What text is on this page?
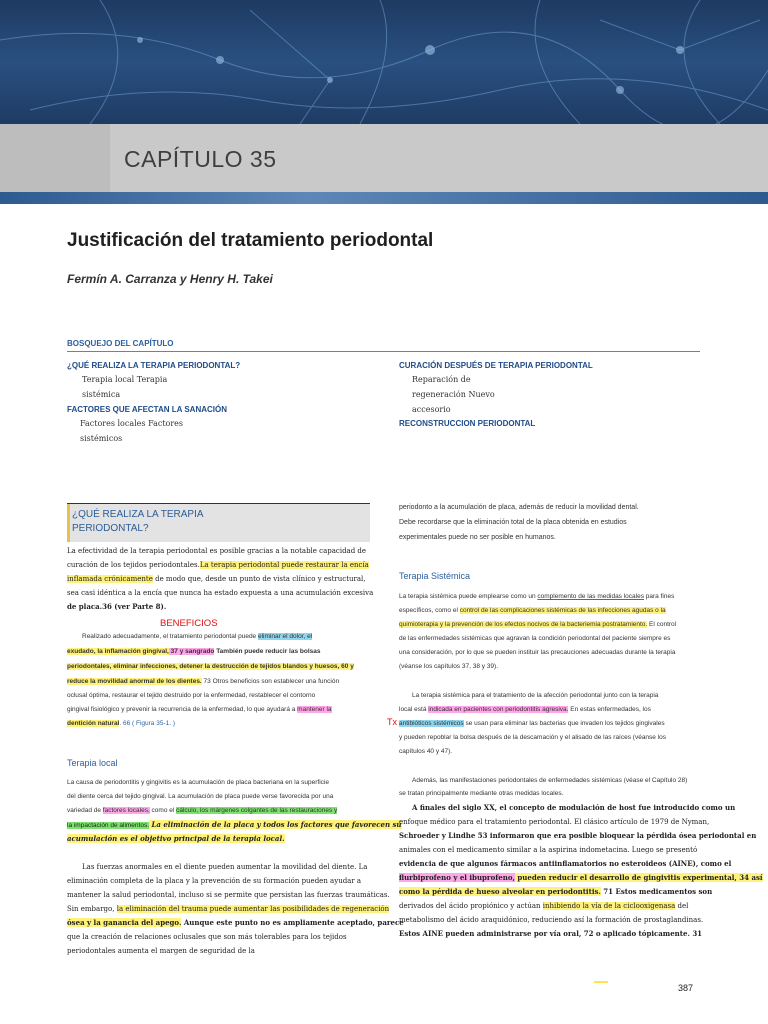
CAPÍTULO 35
Justificación del tratamiento periodontal
Fermín A. Carranza y Henry H. Takei
BOSQUEJO DEL CAPÍTULO
¿QUÉ REALIZA LA TERAPIA PERIODONTAL?
Terapia local Terapia
sistémica
FACTORES QUE AFECTAN LA SANACIÓN
Factores locales Factores
sistémicos
CURACIÓN DESPUÉS DE TERAPIA PERIODONTAL
Reparación de
regeneración Nuevo
accesorio
RECONSTRUCCION PERIODONTAL
¿QUÉ REALIZA LA TERAPIA
PERIODONTAL?
La efectividad de la terapia periodontal es posible gracias a la notable capacidad de
curación de los tejidos periodontales.La terapia periodontal puede restaurar la encía
inflamada crónicamente de modo que, desde un punto de vista clínico y estructural,
sea casi idéntica a la encía que nunca ha estado expuesta a una acumulación excesiva
de placa.36 (ver Parte 8).
BENEFICIOS
Realizado adecuadamente, el tratamiento periodontal puede eliminar el dolor, el
exudado, la inflamación gingival, 37 y sangrado También puede reducir las bolsas
periodontales, eliminar infecciones, detener la destrucción de tejidos blandos y huesos, 60 y
reduce la movilidad anormal de los dientes. 73 Otros beneficios son establecer una función
oclusal óptima, restaurar el tejido destruido por la enfermedad, restablecer el contorno
gingival fisiológico y prevenir la recurrencia de la enfermedad, lo que ayudará a mantener la
dentición natural. 66 ( Figura 35-1. )
Terapia local
La causa de periodontitis y gingivitis es la acumulación de placa bacteriana en la superficie
del diente cerca del tejido gingival. La acumulación de placa puede verse favorecida por una
variedad de factores locales, como el cálculo, los márgenes colgantes de las restauraciones y
la impactación de alimentos. La eliminación de la placa y todos los factores que favorecen su
acumulación es el objetivo principal de la terapia local.
Las fuerzas anormales en el diente pueden aumentar la movilidad del diente. La
eliminación completa de la placa y la prevención de su formación pueden ayudar a
mantener la salud periodontal, incluso si se permite que persistan las fuerzas traumáticas.
Sin embargo, la eliminación del trauma puede aumentar las posibilidades de regeneración
ósea y la ganancia del apego. Aunque este punto no es ampliamente aceptado, parece
que la creación de relaciones oclusales que son más tolerables para los tejidos
periodontales aumenta el margen de seguridad de la
periodonto a la acumulación de placa, además de reducir la movilidad dental.
Debe recordarse que la eliminación total de la placa obtenida en estudios
experimentales puede no ser posible en humanos.
Terapia Sistémica
La terapia sistémica puede emplearse como un complemento de las medidas locales para fines
específicos, como el control de las complicaciones sistémicas de las infecciones agudas o la
quimioterapia y la prevención de los efectos nocivos de la bacteriemia postratamiento. El control
de las enfermedades sistémicas que agravan la condición periodontal del paciente siempre es
una consideración, por lo que se pueden instituir las precauciones adecuadas durante la terapia
(véanse los capítulos 37, 38 y 39).
La terapia sistémica para el tratamiento de la afección periodontal junto con la terapia
local está indicada en pacientes con periodontitis agresiva. En estas enfermedades, los
Tx antibióticos sistémicos se usan para eliminar las bacterias que invaden los tejidos gingivales
y pueden repoblar la bolsa después de la descamación y el alisado de las raíces (véanse los
capítulos 40 y 47).
Además, las manifestaciones periodontales de enfermedades sistémicas (véase el Capítulo 28)
se tratan principalmente mediante otras medidas locales.
A finales del siglo XX, el concepto de modulación de host fue introducido como un
enfoque médico para el tratamiento periodontal. El clásico artículo de 1979 de Nyman,
Schroeder y Lindhe 53 informaron que era posible bloquear la pérdida ósea periodontal en
animales con el medicamento similar a la aspirina indometacina. Luego se presentó
evidencia de que algunos fármacos antiinflamatorios no esteroideos (AINE), como el
flurbiprofeno y el ibuprofeno, pueden reducir el desarrollo de gingivitis experimental, 34 así
como la pérdida de hueso alveolar en periodontitis. 71 Estos medicamentos son
derivados del ácido propiónico y actúan inhibiendo la vía de la ciclooxigenasa del
metabolismo del ácido araquidónico, reduciendo así la formación de prostaglandinas.
Estos AINE pueden administrarse por vía oral, 72 o aplicado tópicamente. 31
387
